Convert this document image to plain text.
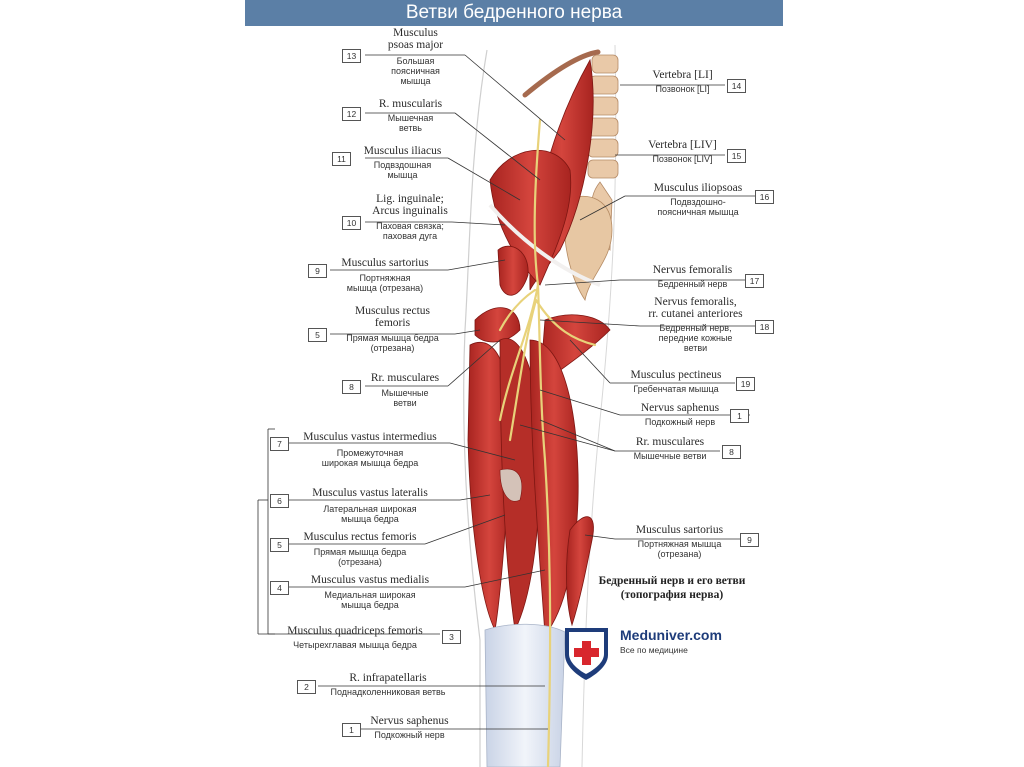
Ветви бедренного нерва
13
Musculus
psoas major
Большая
поясничная
мышца
12
R. muscularis
Мышечная
ветвь
11
Musculus iliacus
Подвздошная
мышца
10
Lig. inguinale;
Arcus inguinalis
Паховая связка;
паховая дуга
9
Musculus sartorius
Портняжная
мышца (отрезана)
5
Musculus rectus
femoris
Прямая мышца бедра
(отрезана)
8
Rr. musculares
Мышечные
ветви
7
Musculus vastus intermedius
Промежуточная
широкая мышца бедра
6
Musculus vastus lateralis
Латеральная широкая
мышца бедра
5
Musculus rectus femoris
Прямая мышца бедра
(отрезана)
4
Musculus vastus medialis
Медиальная широкая
мышца бедра
Musculus quadriceps femoris
Четырехглавая мышца бедра
3
2
R. infrapatellaris
Поднадколенниковая ветвь
1
Nervus saphenus
Подкожный нерв
Vertebra [LI]
Позвонок [LI]	14
Vertebra [LIV]
Позвонок [LIV]	15
Musculus iliopsoas
Подвздошно-
поясничная мышца
16
Nervus femoralis
Бедренный нерв	17
Nervus femoralis,
rr. cutanei anteriores
Бедренный нерв,
передние кожные
ветви
18
Musculus pectineus
Гребенчатая мышца	19
Nervus saphenus
Подкожный нерв
1
Rr. musculares
Мышечные ветви	8
Musculus sartorius
Портняжная мышца
(отрезана)
9
Бедренный нерв и его ветви
(топография нерва)
Meduniver.com
Все по медицине
